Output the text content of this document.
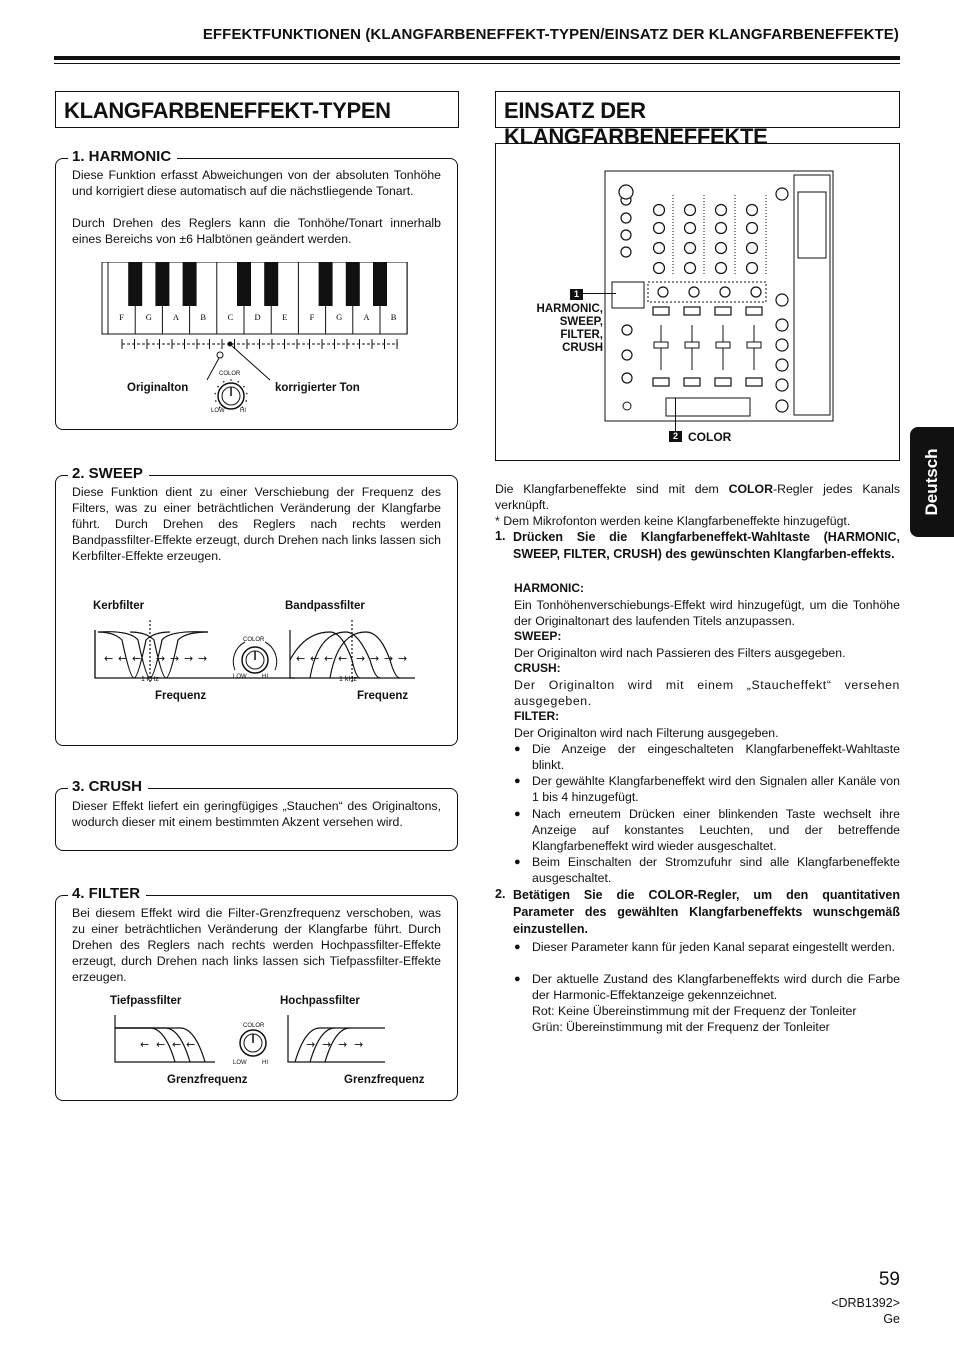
EFFEKTFUNKTIONEN (KLANGFARBENEFFEKT-TYPEN/EINSATZ DER KLANGFARBENEFFEKTE)
KLANGFARBENEFFEKT-TYPEN	EINSATZ DER KLANGFARBENEFFEKTE
1. HARMONIC

Diese Funktion erfasst Abweichungen von der absoluten Tonhöhe und korrigiert diese automatisch auf die nächstliegende Tonart.

Durch Drehen des Reglers kann die Tonhöhe/Tonart innerhalb eines Bereichs von ±6 Halbtönen geändert werden.

F	G A	B	C	D	E	F	G A	B
COLOR
LOW	HI
Originalton	korrigierter Ton
2. SWEEP

Diese Funktion dient zu einer Verschiebung der Frequenz des Filters, was zu einer beträchtlichen Veränderung der Klangfarbe führt. Durch Drehen des Reglers nach rechts werden Bandpassfilter-Effekte erzeugt, durch Drehen nach links lassen sich Kerbfilter-Effekte erzeugen.

Kerbfilter	Bandpassfilter
← ← ← → → → →	← ← ← ← → → → →
COLOR
LOW	HI
1 kHz	1 kHz
Frequenz	Frequenz
3. CRUSH

Dieser Effekt liefert ein geringfügiges „Stauchen“ des Originaltons, wodurch dieser mit einem bestimmten Akzent versehen wird.

4. FILTER

Bei diesem Effekt wird die Filter-Grenzfrequenz verschoben, was zu einer beträchtlichen Veränderung der Klangfarbe führt. Durch Drehen des Reglers nach rechts werden Hochpassfilter-Effekte erzeugt, durch Drehen nach links lassen sich Tiefpassfilter-Effekte erzeugen.

Tiefpassfilter	Hochpassfilter
← ← ← ←	→ → → →
COLOR
LOW	HI
Grenzfrequenz	Grenzfrequenz
1
HARMONIC, SWEEP, FILTER, CRUSH
2 COLOR
Die Klangfarbeneffekte sind mit dem COLOR-Regler jedes Kanals verknüpft.
* Dem Mikrofonton werden keine Klangfarbeneffekte hinzugefügt.
1. Drücken Sie die Klangfarbeneffekt-Wahltaste (HARMONIC, SWEEP, FILTER, CRUSH) des gewünschten Klangfarben-effekts.
HARMONIC:
Ein Tonhöhenverschiebungs-Effekt wird hinzugefügt, um die Tonhöhe der Originaltonart des laufenden Titels anzupassen.
SWEEP:
Der Originalton wird nach Passieren des Filters ausgegeben.
CRUSH:
Der Originalton wird mit einem „Staucheffekt“ versehen ausgegeben.
FILTER:
Der Originalton wird nach Filterung ausgegeben.
● Die Anzeige der eingeschalteten Klangfarbeneffekt-Wahltaste blinkt.
● Der gewählte Klangfarbeneffekt wird den Signalen aller Kanäle von 1 bis 4 hinzugefügt.
● Nach erneutem Drücken einer blinkenden Taste wechselt ihre Anzeige auf konstantes Leuchten, und der betreffende Klangfarbeneffekt wird wieder ausgeschaltet.
● Beim Einschalten der Stromzufuhr sind alle Klangfarbeneffekte ausgeschaltet.
2. Betätigen Sie die COLOR-Regler, um den quantitativen Parameter des gewählten Klangfarbeneffekts wunschgemäß einzustellen.
● Dieser Parameter kann für jeden Kanal separat eingestellt werden.
● Der aktuelle Zustand des Klangfarbeneffekts wird durch die Farbe der Harmonic-Effektanzeige gekennzeichnet.
Rot: Keine Übereinstimmung mit der Frequenz der Tonleiter
Grün: Übereinstimmung mit der Frequenz der Tonleiter
Deutsch
59
<DRB1392>
Ge
